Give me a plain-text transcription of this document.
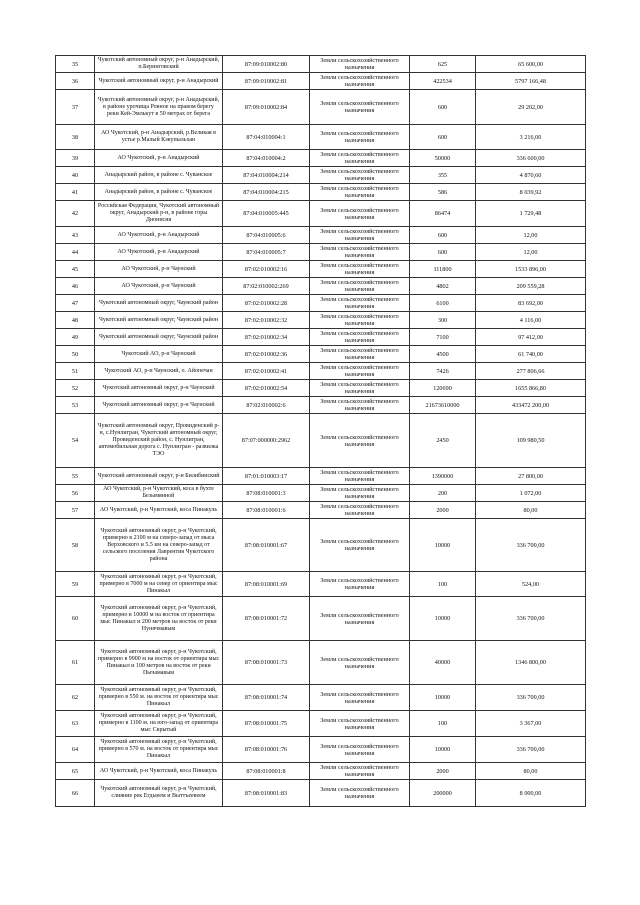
35	Чукотский автономный округ, р-н Анадырский, п.Беринговский	87:09:010002:80	Земли сельскохозяйственного назначения	625	65 600,00
36	Чукотский автономный округ, р-н Анадырский	87:09:010002:81	Земли сельскохозяйственного назначения	422534	5797 166,48
37	Чукотский автономный округ, р-н Анадырский, в районе урочища Ровное на правом берегу реки Кей-Эмлькут в 50 метрах от берега	87:09:010002:84	Земли сельскохозяйственного назначения	600	29 202,00
38	АО Чукотский, р-н Анадырский, р.Великая в устье р.Малый Кэкупыльхан	87:04:010004:1	Земли сельскохозяйственного назначения	600	3 216,00
39	АО Чукотский, р-н Анадырский	87:04:010004:2	Земли сельскохозяйственного назначения	50000	336 600,00
40	Анадырский район, в районе с. Чуванское	87:04:010004:214	Земли сельскохозяйственного назначения	355	4 870,60
41	Анадырский район, в районе с. Чуванское	87:04:010004:215	Земли сельскохозяйственного назначения	586	8 039,92
42	Российская Федерация, Чукотский автономный округ, Анадырский р-н, в районе горы Дионисия	87:04:010005:445	Земли сельскохозяйственного назначения	86474	1 729,48
43	АО Чукотский, р-н Анадырский	87:04:010005:6	Земли сельскохозяйственного назначения	600	12,00
44	АО Чукотский, р-н Анадырский	87:04:010005:7	Земли сельскохозяйственного назначения	600	12,00
45	АО Чукотский, р-н Чаунский	87:02:010002:16	Земли сельскохозяйственного назначения	111800	1533 896,00
46	АО Чукотский, р-н Чаунский	87:02:010002:269	Земли сельскохозяйственного назначения	4802	209 559,28
47	Чукотский автономный округ, Чаунский район	87:02:010002:28	Земли сельскохозяйственного назначения	6100	83 692,00
48	Чукотский автономный округ, Чаунский район	87:02:010002:32	Земли сельскохозяйственного назначения	300	4 116,00
49	Чукотский автономный округ, Чаунский район	87:02:010002:34	Земли сельскохозяйственного назначения	7100	97 412,00
50	Чукотский АО, р-н Чаунский	87:02:010002:36	Земли сельскохозяйственного назначения	4500	61 740,00
51	Чукотский АО, р-н Чаунский, о. Айопечан	87:02:010002:41	Земли сельскохозяйственного назначения	7426	277 806,66
52	Чукотский автономный округ, р-н Чаунский	87:02:010002:54	Земли сельскохозяйственного назначения	120690	1655 866,80
53	Чукотский автономный округ, р-н Чаунский	87:02:010002:6	Земли сельскохозяйственного назначения	21673610000	433472 200,00
54	Чукотский автономный округ, Провиденский р-н, с.Нунлигран, Чукотский автономный округ, Провиденский район, с. Нунлигран, автомобильная дорога с. Нунлигран - развилка ТЭО	87:07:000000:2962	Земли сельскохозяйственного назначения	2450	109 980,50
55	Чукотский автономный округ, р-н Билибинский	87:01:010003:17	Земли сельскохозяйственного назначения	1390000	27 800,00
56	АО Чукотский, р-н Чукотский, коса в бухте Безымянной	87:08:010001:3	Земли сельскохозяйственного назначения	200	1 072,00
57	АО Чукотский, р-н Чукотский, коса Пинакуль	87:08:010001:6	Земли сельскохозяйственного назначения	2000	80,00
58	Чукотский автономный округ, р-н Чукотский, примерно в 2100 м на северо-запад от мыса Верховского и 5.5 км на северо-запад от сельского поселения Лаврентия Чукотского района	87:08:010001:67	Земли сельскохозяйственного назначения	10000	336 700,00
59	Чукотский автономный округ, р-н Чукотский, примерно в 7000 м на север от ориентира мыс Пинакыл	87:08:010001:69	Земли сельскохозяйственного назначения	100	524,00
60	Чукотский автономный округ, р-н Чукотский, примерно в 10000 м на восток от ориентира мыс Пинакыл и 200 метров на восток от реки Нунячмавым	87:08:010001:72	Земли сельскохозяйственного назначения	10000	336 700,00
61	Чукотский автономный округ, р-н Чукотский, примерно в 9900 м на восток от ориентира мыс Пинакыл и 100 метров на восток от реки Пычамавым	87:08:010001:73	Земли сельскохозяйственного назначения	40000	1346 800,00
62	Чукотский автономный округ, р-н Чукотский, примерно в 550 м. на восток от ориентира мыс Пинакыл	87:08:010001:74	Земли сельскохозяйственного назначения	10000	336 700,00
63	Чукотский автономный округ, р-н Чукотский, примерно в 1100 м. на юго-запад от ориентира мыс Скрытый	87:08:010001:75	Земли сельскохозяйственного назначения	100	3 367,00
64	Чукотский автономный округ, р-н Чукотский, примерно в 570 м. на восток от ориентира мыс Пинакыл	87:08:010001:76	Земли сельскохозяйственного назначения	10000	336 700,00
65	АО Чукотский, р-н Чукотский, коса Пинакуль	87:08:010001:8	Земли сельскохозяйственного назначения	2000	80,00
66	Чукотский автономный округ, р-н Чукотский, слияние рек Егдыеем и Выттъеевеем	87:08:010001:83	Земли сельскохозяйственного назначения	200000	8 000,00
